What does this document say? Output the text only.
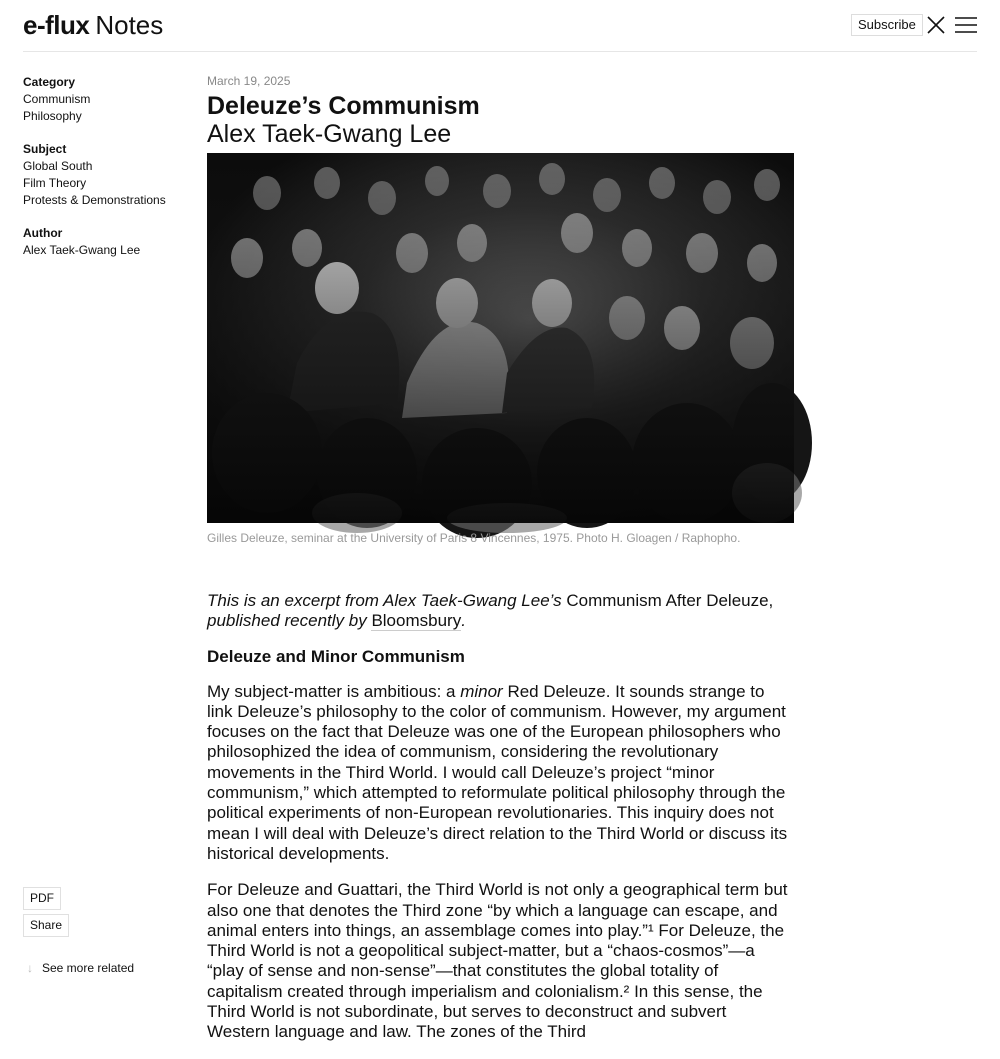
e-flux Notes	Subscribe
Category
Communism
Philosophy
Subject
Global South
Film Theory
Protests & Demonstrations
Author
Alex Taek-Gwang Lee
PDF
Share
↓ See more related
March 19, 2025
Deleuze’s Communism
Alex Taek-Gwang Lee
Gilles Deleuze, seminar at the University of Paris 8 Vincennes, 1975. Photo H. Gloagen / Raphopho.

This is an excerpt from Alex Taek-Gwang Lee’s Communism After Deleuze, published recently by Bloomsbury.

Deleuze and Minor Communism

My subject-matter is ambitious: a minor Red Deleuze. It sounds strange to link Deleuze’s philosophy to the color of communism. However, my argument focuses on the fact that Deleuze was one of the European philosophers who philosophized the idea of communism, considering the revolutionary movements in the Third World. I would call Deleuze’s project “minor communism,” which attempted to reformulate political philosophy through the political experiments of non-European revolutionaries. This inquiry does not mean I will deal with Deleuze’s direct relation to the Third World or discuss its historical developments.

For Deleuze and Guattari, the Third World is not only a geographical term but also one that denotes the Third zone “by which a language can escape, and animal enters into things, an assemblage comes into play.”¹ For Deleuze, the Third World is not a geopolitical subject-matter, but a “chaos-cosmos”—a “play of sense and non-sense”—that constitutes the global totality of capitalism created through imperialism and colonialism.² In this sense, the Third World is not subordinate, but serves to deconstruct and subvert Western language and law. The zones of the Third
